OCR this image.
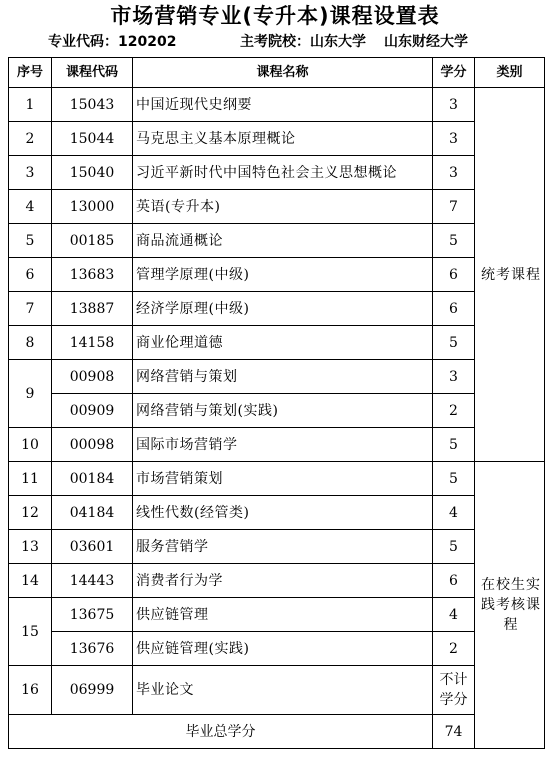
市场营销专业(专升本)课程设置表
专业代码：120202	主考院校：山东大学 山东财经大学
序号	课程代码	课程名称	学分	类别	
1	15043	中国近现代史纲要	3	统考课程	
2	15044	马克思主义基本原理概论	3		
3	15040	习近平新时代中国特色社会主义思想概论	3		
4	13000	英语(专升本)	7		
5	00185	商品流通概论	5		
6	13683	管理学原理(中级)	6		
7	13887	经济学原理(中级)	6		
8	14158	商业伦理道德	5		
9	00908	网络营销与策划	3		
	00909	网络营销与策划(实践)	2		
10	00098	国际市场营销学	5		
11	00184	市场营销策划	5	在校生实践考核课程	
12	04184	线性代数(经管类)	4		
13	03601	服务营销学	5		
14	14443	消费者行为学	6		
15	13675	供应链管理	4		
	13676	供应链管理(实践)	2		
16	06999	毕业论文	不计学分		
毕业总学分			74		
